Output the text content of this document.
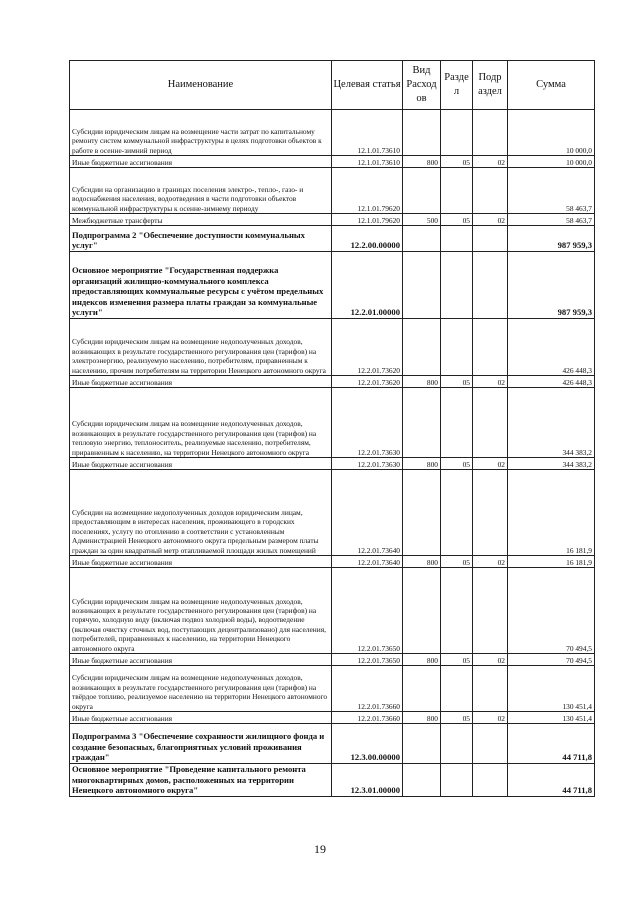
Наименование	Целевая статья	Вид Расход ов	Разде л	Подр аздел	Сумма
Субсидии юридическим лицам на возмещение части затрат по капитальному ремонту систем коммунальной инфраструктуры в целях подготовки объектов к работе в осенне-зимний период	12.1.01.73610				10 000,0
Иные бюджетные ассигнования	12.1.01.73610	800	05	02	10 000,0
Субсидии на организацию в границах поселения электро-, тепло-, газо- и водоснабжения населения, водоотведения в части подготовки объектов коммунальной инфраструктуры к осенне-зимнему периоду	12.1.01.79620				58 463,7
Межбюджетные трансферты	12.1.01.79620	500	05	02	58 463,7
Подпрограмма 2 "Обеспечение доступности коммунальных услуг"	12.2.00.00000				987 959,3
Основное мероприятие "Государственная поддержка организаций жилищно-коммунального комплекса предоставляющих коммунальные ресурсы с учётом предельных индексов изменения размера платы граждан за коммунальные услуги"	12.2.01.00000				987 959,3
Субсидии юридическим лицам на возмещение недополученных доходов, возникающих в результате государственного регулирования цен (тарифов) на электроэнергию, реализуемую населению, потребителям, приравненным к населению, прочим потребителям на территории Ненецкого автономного округа	12.2.01.73620				426 448,3
Иные бюджетные ассигнования	12.2.01.73620	800	05	02	426 448,3
Субсидии юридическим лицам на возмещение недополученных доходов, возникающих в результате государственного регулирования цен (тарифов) на тепловую энергию, теплоноситель, реализуемые населению, потребителям, приравненным к населению, на территории Ненецкого автономного округа	12.2.01.73630				344 383,2
Иные бюджетные ассигнования	12.2.01.73630	800	05	02	344 383,2
Субсидии на возмещение недополученных доходов юридическим лицам, предоставляющим в интересах населения, проживающего в городских поселениях, услугу по отоплению в соответствии с установленным Администрацией Ненецкого автономного округа предельным размером платы граждан за один квадратный метр отапливаемой площади жилых помещений	12.2.01.73640				16 181,9
Иные бюджетные ассигнования	12.2.01.73640	800	05	02	16 181,9
Субсидии юридическим лицам на возмещение недополученных доходов, возникающих в результате государственного регулирования цен (тарифов) на горячую, холодную воду (включая подвоз холодной воды), водоотведение (включая очистку сточных вод, поступающих децентрализовано) для населения, потребителей, приравненных к населению, на территории Ненецкого автономного округа	12.2.01.73650				70 494,5
Иные бюджетные ассигнования	12.2.01.73650	800	05	02	70 494,5
Субсидии юридическим лицам на возмещение недополученных доходов, возникающих в результате государственного регулирования цен (тарифов) на твёрдое топливо, реализуемое населению на территории Ненецкого автономного округа	12.2.01.73660				130 451,4
Иные бюджетные ассигнования	12.2.01.73660	800	05	02	130 451,4
Подпрограмма 3 "Обеспечение сохранности жилищного фонда и создание безопасных, благоприятных условий проживания граждан"	12.3.00.00000				44 711,8
Основное мероприятие "Проведение капитального ремонта многоквартирных домов, расположенных на территории Ненецкого автономного округа"	12.3.01.00000				44 711,8
19
